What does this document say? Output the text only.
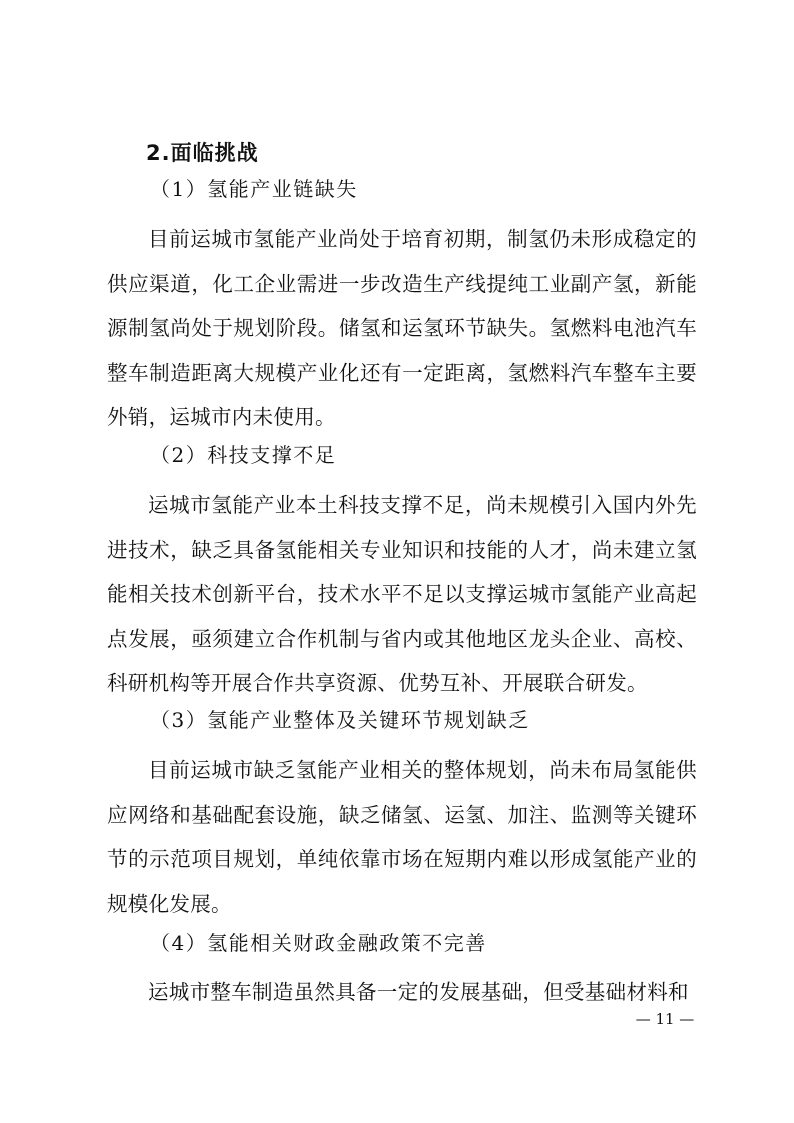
2.面临挑战

（1）氢能产业链缺失

目前运城市氢能产业尚处于培育初期，制氢仍未形成稳定的供应渠道，化工企业需进一步改造生产线提纯工业副产氢，新能源制氢尚处于规划阶段。储氢和运氢环节缺失。氢燃料电池汽车整车制造距离大规模产业化还有一定距离，氢燃料汽车整车主要外销，运城市内未使用。

（2）科技支撑不足

运城市氢能产业本土科技支撑不足，尚未规模引入国内外先进技术，缺乏具备氢能相关专业知识和技能的人才，尚未建立氢能相关技术创新平台，技术水平不足以支撑运城市氢能产业高起点发展，亟须建立合作机制与省内或其他地区龙头企业、高校、科研机构等开展合作共享资源、优势互补、开展联合研发。

（3）氢能产业整体及关键环节规划缺乏

目前运城市缺乏氢能产业相关的整体规划，尚未布局氢能供应网络和基础配套设施，缺乏储氢、运氢、加注、监测等关键环节的示范项目规划，单纯依靠市场在短期内难以形成氢能产业的规模化发展。

（4）氢能相关财政金融政策不完善

运城市整车制造虽然具备一定的发展基础，但受基础材料和

— 11 —
